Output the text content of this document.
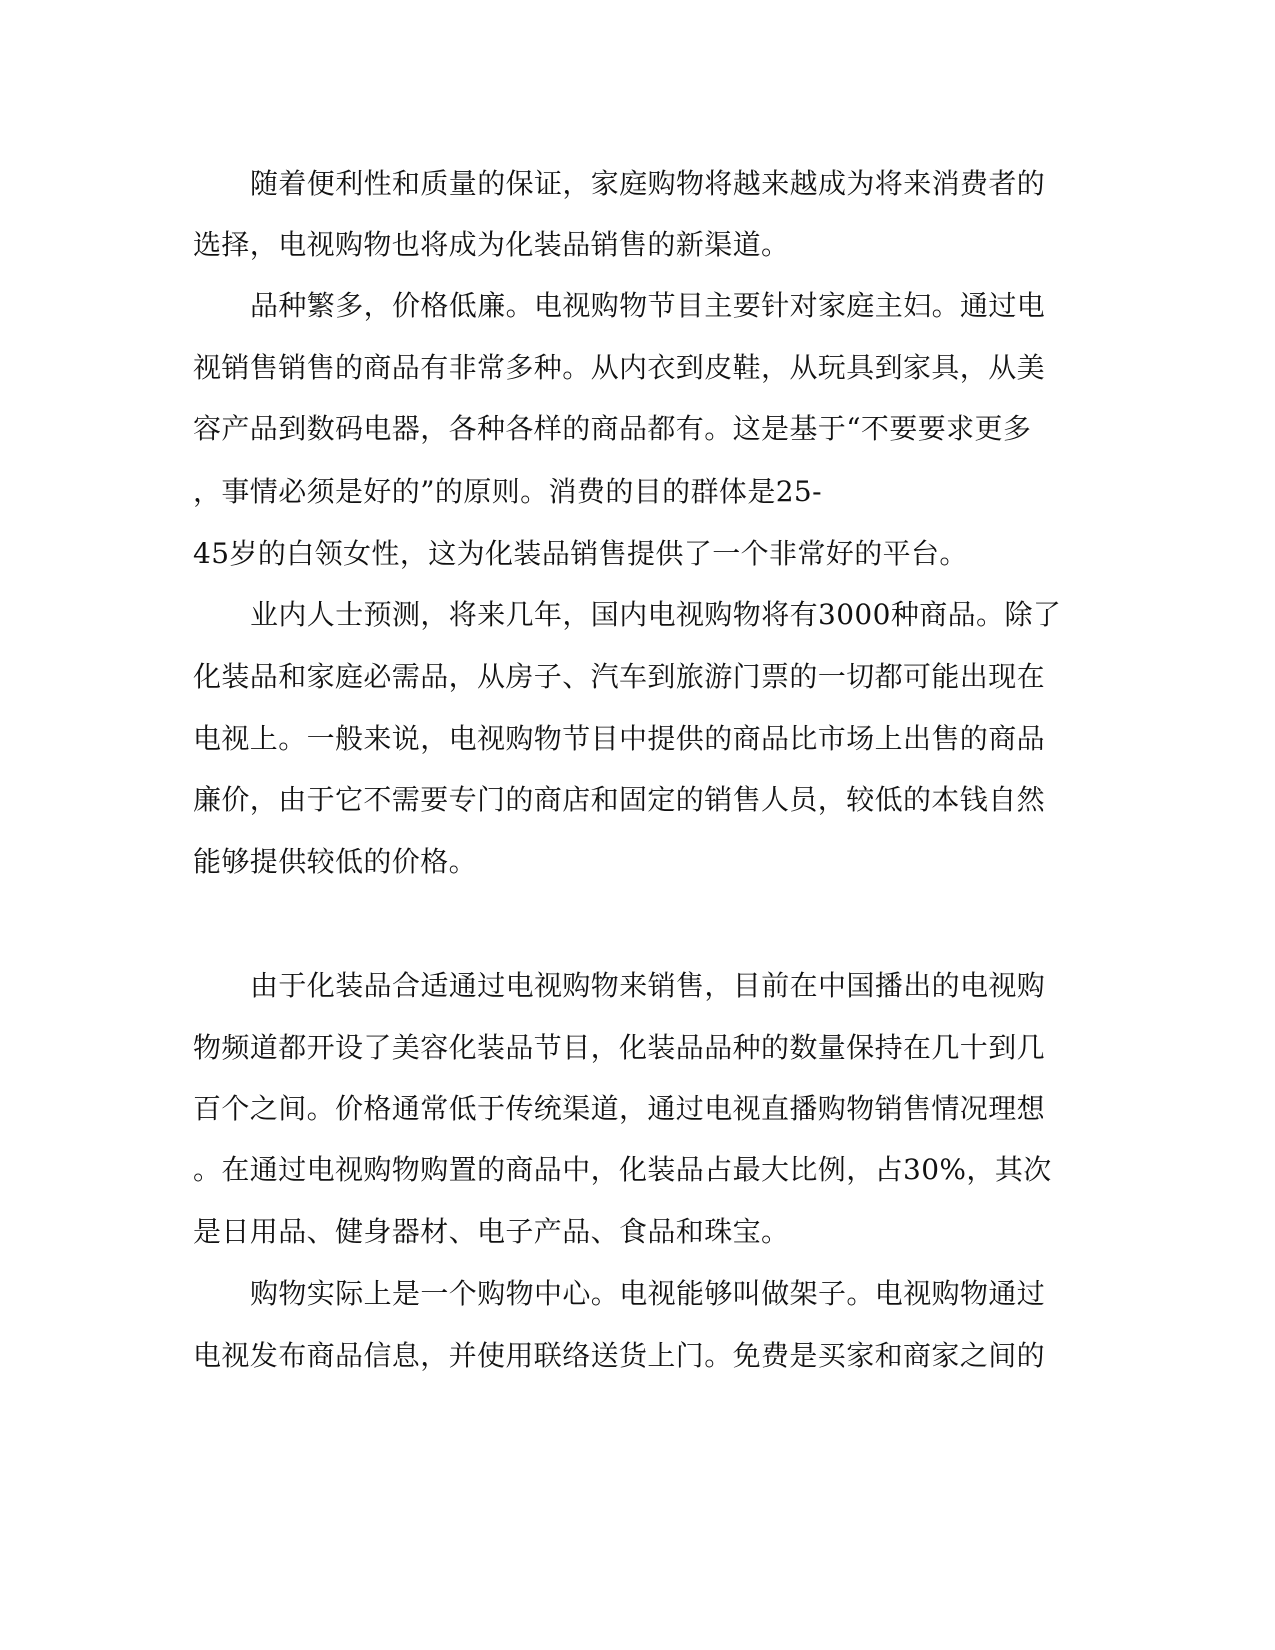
随着便利性和质量的保证，家庭购物将越来越成为将来消费者的
选择，电视购物也将成为化装品销售的新渠道。
品种繁多，价格低廉。电视购物节目主要针对家庭主妇。通过电
视销售销售的商品有非常多种。从内衣到皮鞋，从玩具到家具，从美
容产品到数码电器，各种各样的商品都有。这是基于“不要要求更多
，事情必须是好的”的原则。消费的目的群体是25-
45岁的白领女性，这为化装品销售提供了一个非常好的平台。
业内人士预测，将来几年，国内电视购物将有3000种商品。除了
化装品和家庭必需品，从房子、汽车到旅游门票的一切都可能出现在
电视上。一般来说，电视购物节目中提供的商品比市场上出售的商品
廉价，由于它不需要专门的商店和固定的销售人员，较低的本钱自然
能够提供较低的价格。
由于化装品合适通过电视购物来销售，目前在中国播出的电视购
物频道都开设了美容化装品节目，化装品品种的数量保持在几十到几
百个之间。价格通常低于传统渠道，通过电视直播购物销售情况理想
。在通过电视购物购置的商品中，化装品占最大比例，占30%，其次
是日用品、健身器材、电子产品、食品和珠宝。
购物实际上是一个购物中心。电视能够叫做架子。电视购物通过
电视发布商品信息，并使用联络送货上门。免费是买家和商家之间的
